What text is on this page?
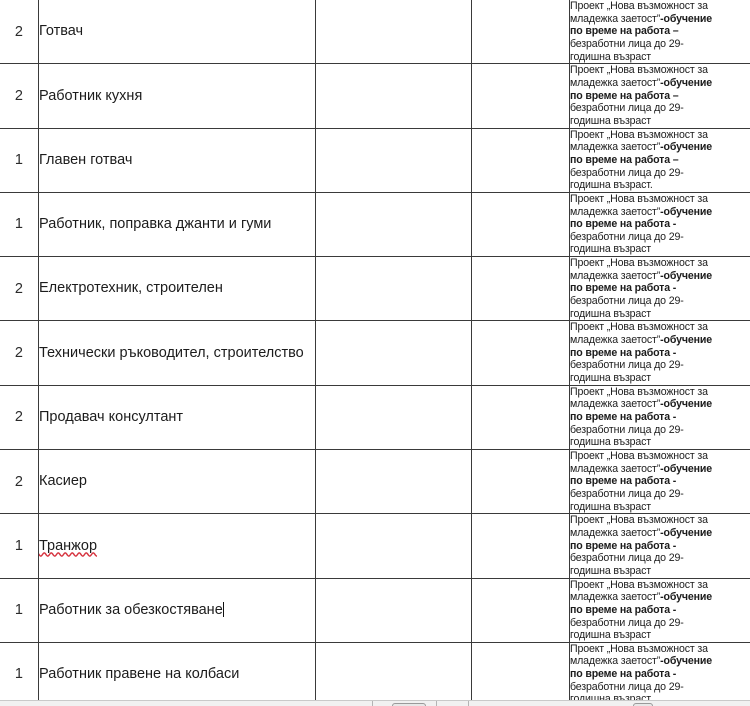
2	Готвач			Проект „Нова възможност за
младежка заетост”-обучение
по време на работа –
безработни лица до 29-
годишна възраст

2	Работник кухня			Проект „Нова възможност за
младежка заетост”-обучение
по време на работа –
безработни лица до 29-
годишна възраст

1	Главен готвач			Проект „Нова възможност за
младежка заетост”-обучение
по време на работа –
безработни лица до 29-
годишна възраст.

1	Работник, поправка джанти и гуми			Проект „Нова възможност за
младежка заетост”-обучение
по време на работа -
безработни лица до 29-
годишна възраст

2	Електротехник, строителен			Проект „Нова възможност за
младежка заетост”-обучение
по време на работа -
безработни лица до 29-
годишна възраст

2	Технически ръководител, строителство			Проект „Нова възможност за
младежка заетост”-обучение
по време на работа -
безработни лица до 29-
годишна възраст

2	Продавач консултант			Проект „Нова възможност за
младежка заетост”-обучение
по време на работа -
безработни лица до 29-
годишна възраст

2	Касиер			Проект „Нова възможност за
младежка заетост”-обучение
по време на работа -
безработни лица до 29-
годишна възраст

1	Транжор			Проект „Нова възможност за
младежка заетост”-обучение
по време на работа -
безработни лица до 29-
годишна възраст

1	Работник за обезкостяване			Проект „Нова възможност за
младежка заетост”-обучение
по време на работа -
безработни лица до 29-
годишна възраст

1	Работник правене на колбаси			Проект „Нова възможност за
младежка заетост”-обучение
по време на работа -
безработни лица до 29-
